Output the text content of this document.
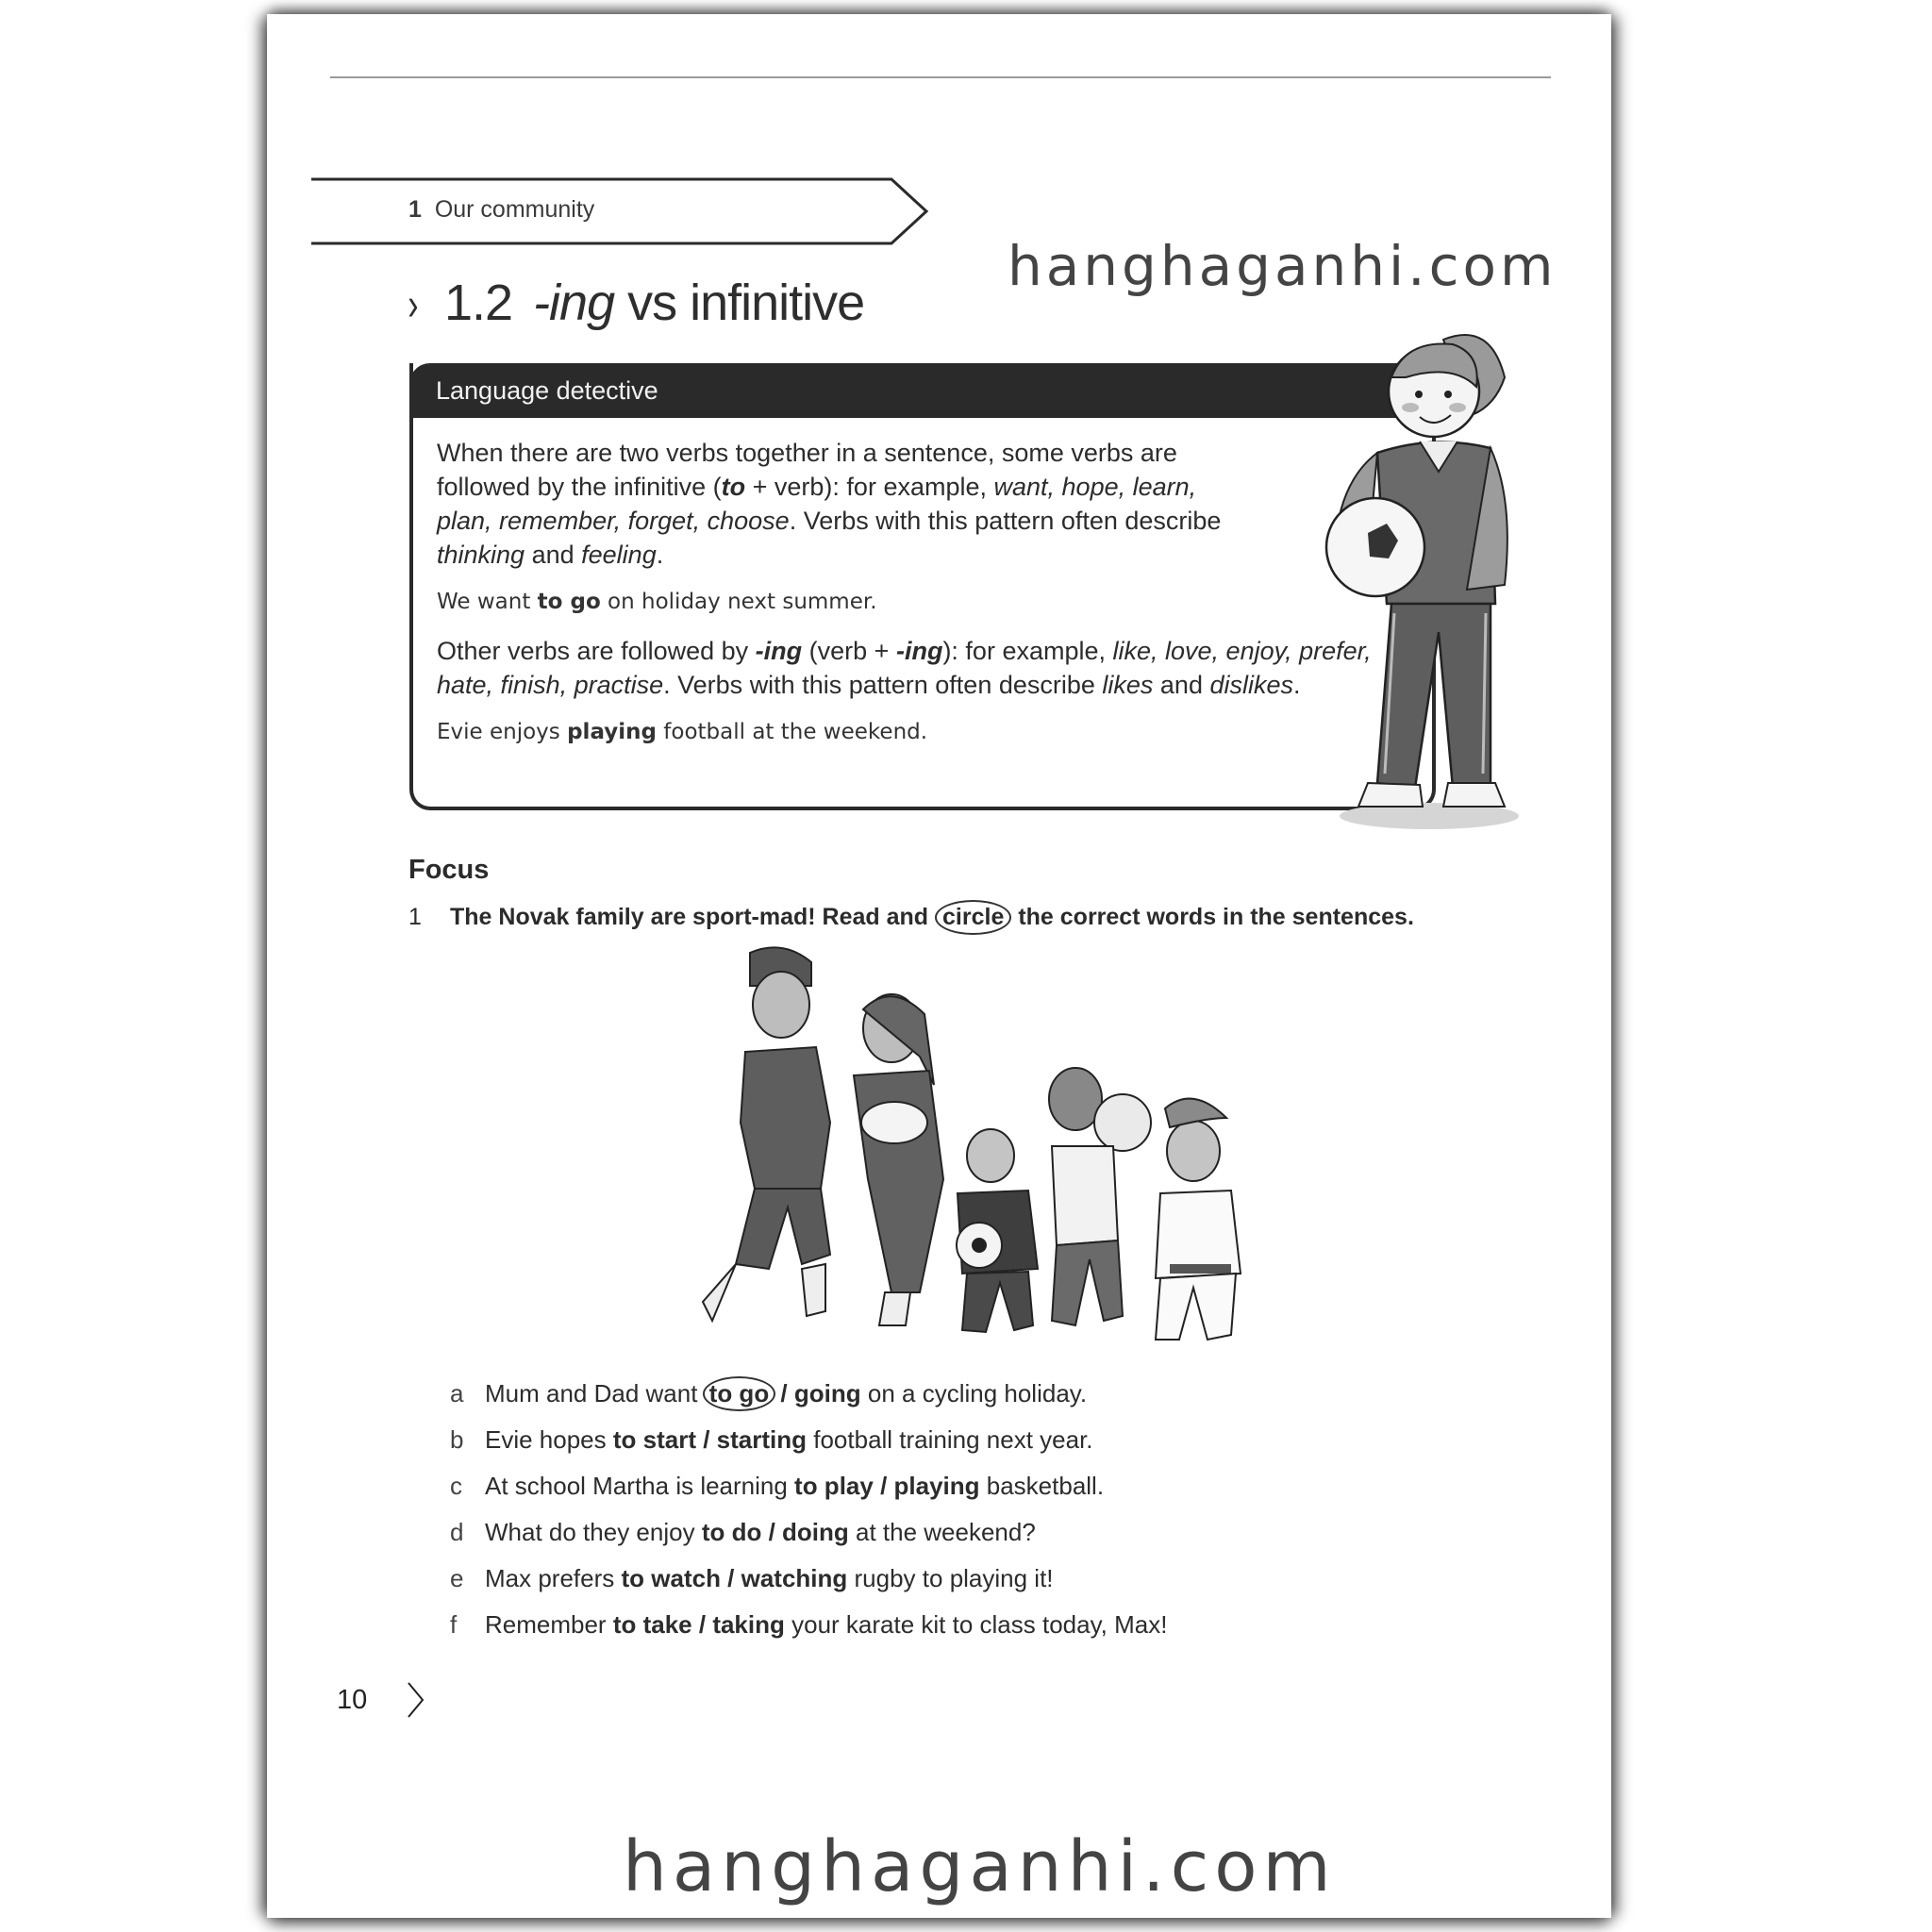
1 Our community
› 1.2 -ing vs infinitive
hanghaganhi.com
Language detective

When there are two verbs together in a sentence, some verbs are followed by the infinitive (to + verb): for example, want, hope, learn, plan, remember, forget, choose. Verbs with this pattern often describe thinking and feeling.

We want to go on holiday next summer.

Other verbs are followed by -ing (verb + -ing): for example, like, love, enjoy, prefer, hate, finish, practise. Verbs with this pattern often describe likes and dislikes.

Evie enjoys playing football at the weekend.

Focus
1 The Novak family are sport-mad! Read and circle the correct words in the sentences.
a Mum and Dad want to go / going on a cycling holiday.
b Evie hopes to start / starting football training next year.
c At school Martha is learning to play / playing basketball.
d What do they enjoy to do / doing at the weekend?
e Max prefers to watch / watching rugby to playing it!
f Remember to take / taking your karate kit to class today, Max!
10
hanghaganhi.com
